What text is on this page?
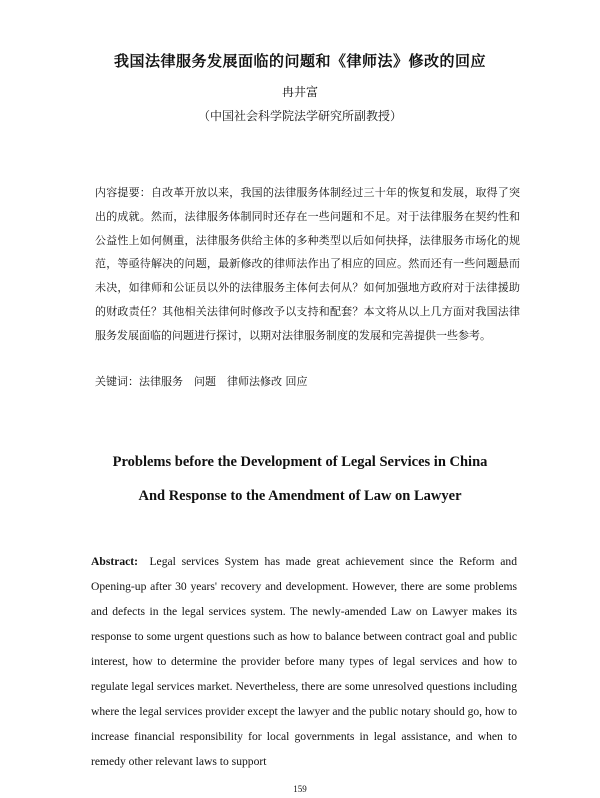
我国法律服务发展面临的问题和《律师法》修改的回应
冉井富
（中国社会科学院法学研究所副教授）
内容提要：自改革开放以来，我国的法律服务体制经过三十年的恢复和发展，取得了突出的成就。然而，法律服务体制同时还存在一些问题和不足。对于法律服务在契约性和公益性上如何侧重，法律服务供给主体的多种类型以后如何抉择，法律服务市场化的规范，等亟待解决的问题，最新修改的律师法作出了相应的回应。然而还有一些问题悬而未决，如律师和公证员以外的法律服务主体何去何从？如何加强地方政府对于法律援助的财政责任？其他相关法律何时修改予以支持和配套？本文将从以上几方面对我国法律服务发展面临的问题进行探讨，以期对法律服务制度的发展和完善提供一些参考。
关键词：法律服务　问题　律师法修改 回应
Problems before the Development of Legal Services in China
And Response to the Amendment of Law on Lawyer
Abstract: Legal services System has made great achievement since the Reform and Opening-up after 30 years' recovery and development. However, there are some problems and defects in the legal services system. The newly-amended Law on Lawyer makes its response to some urgent questions such as how to balance between contract goal and public interest, how to determine the provider before many types of legal services and how to regulate legal services market. Nevertheless, there are some unresolved questions including where the legal services provider except the lawyer and the public notary should go, how to increase financial responsibility for local governments in legal assistance, and when to remedy other relevant laws to support
159
